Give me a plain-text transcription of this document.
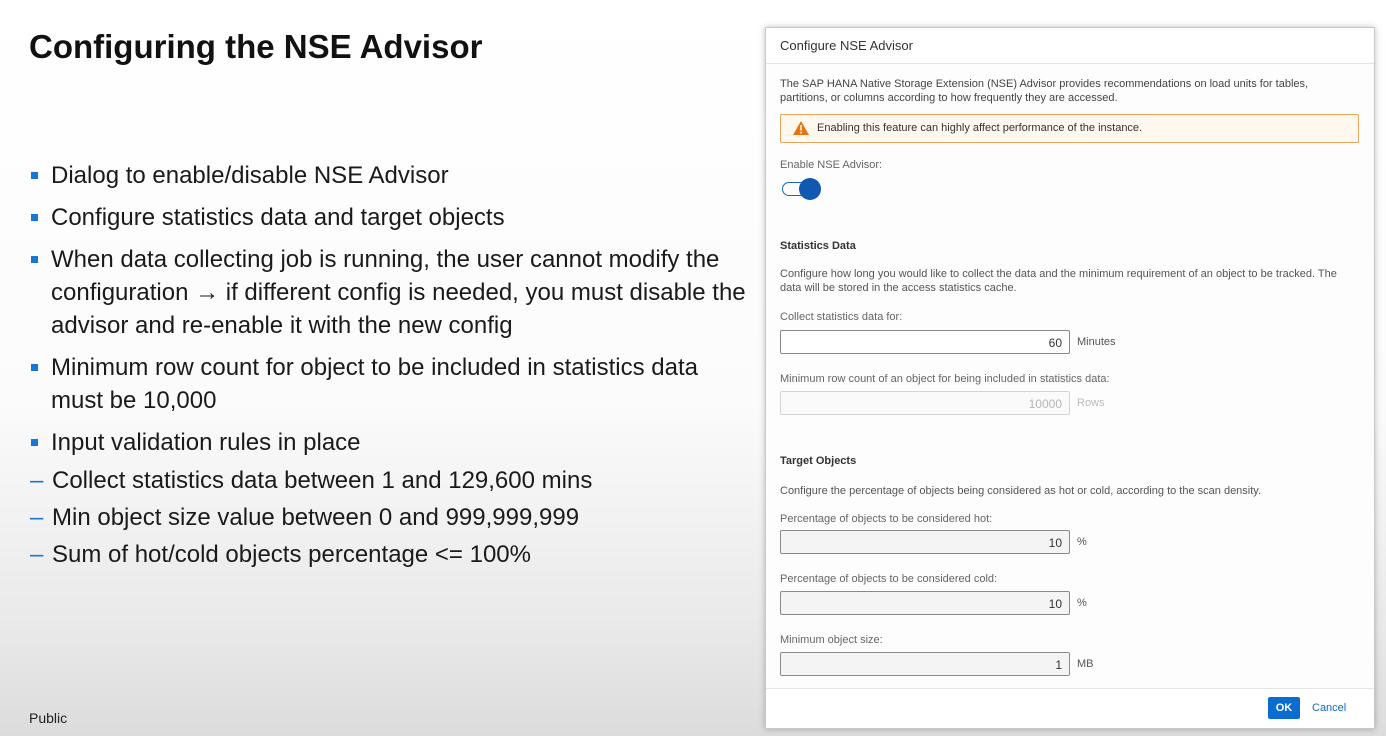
Configuring the NSE Advisor
Dialog to enable/disable NSE Advisor
Configure statistics data and target objects
When data collecting job is running, the user cannot modify the configuration → if different config is needed, you must disable the advisor and re-enable it with the new config
Minimum row count for object to be included in statistics data must be 10,000
Input validation rules in place
– Collect statistics data between 1 and 129,600 mins
– Min object size value between 0 and 999,999,999
– Sum of hot/cold objects percentage <= 100%
Public
Configure NSE Advisor
The SAP HANA Native Storage Extension (NSE) Advisor provides recommendations on load units for tables, partitions, or columns according to how frequently they are accessed.
Enabling this feature can highly affect performance of the instance.
Enable NSE Advisor:
Statistics Data
Configure how long you would like to collect the data and the minimum requirement of an object to be tracked. The data will be stored in the access statistics cache.
Collect statistics data for:
60	Minutes
Minimum row count of an object for being included in statistics data:
10000	Rows
Target Objects
Configure the percentage of objects being considered as hot or cold, according to the scan density.
Percentage of objects to be considered hot:
10	%
Percentage of objects to be considered cold:
10	%
Minimum object size:
1	MB
OK	Cancel
